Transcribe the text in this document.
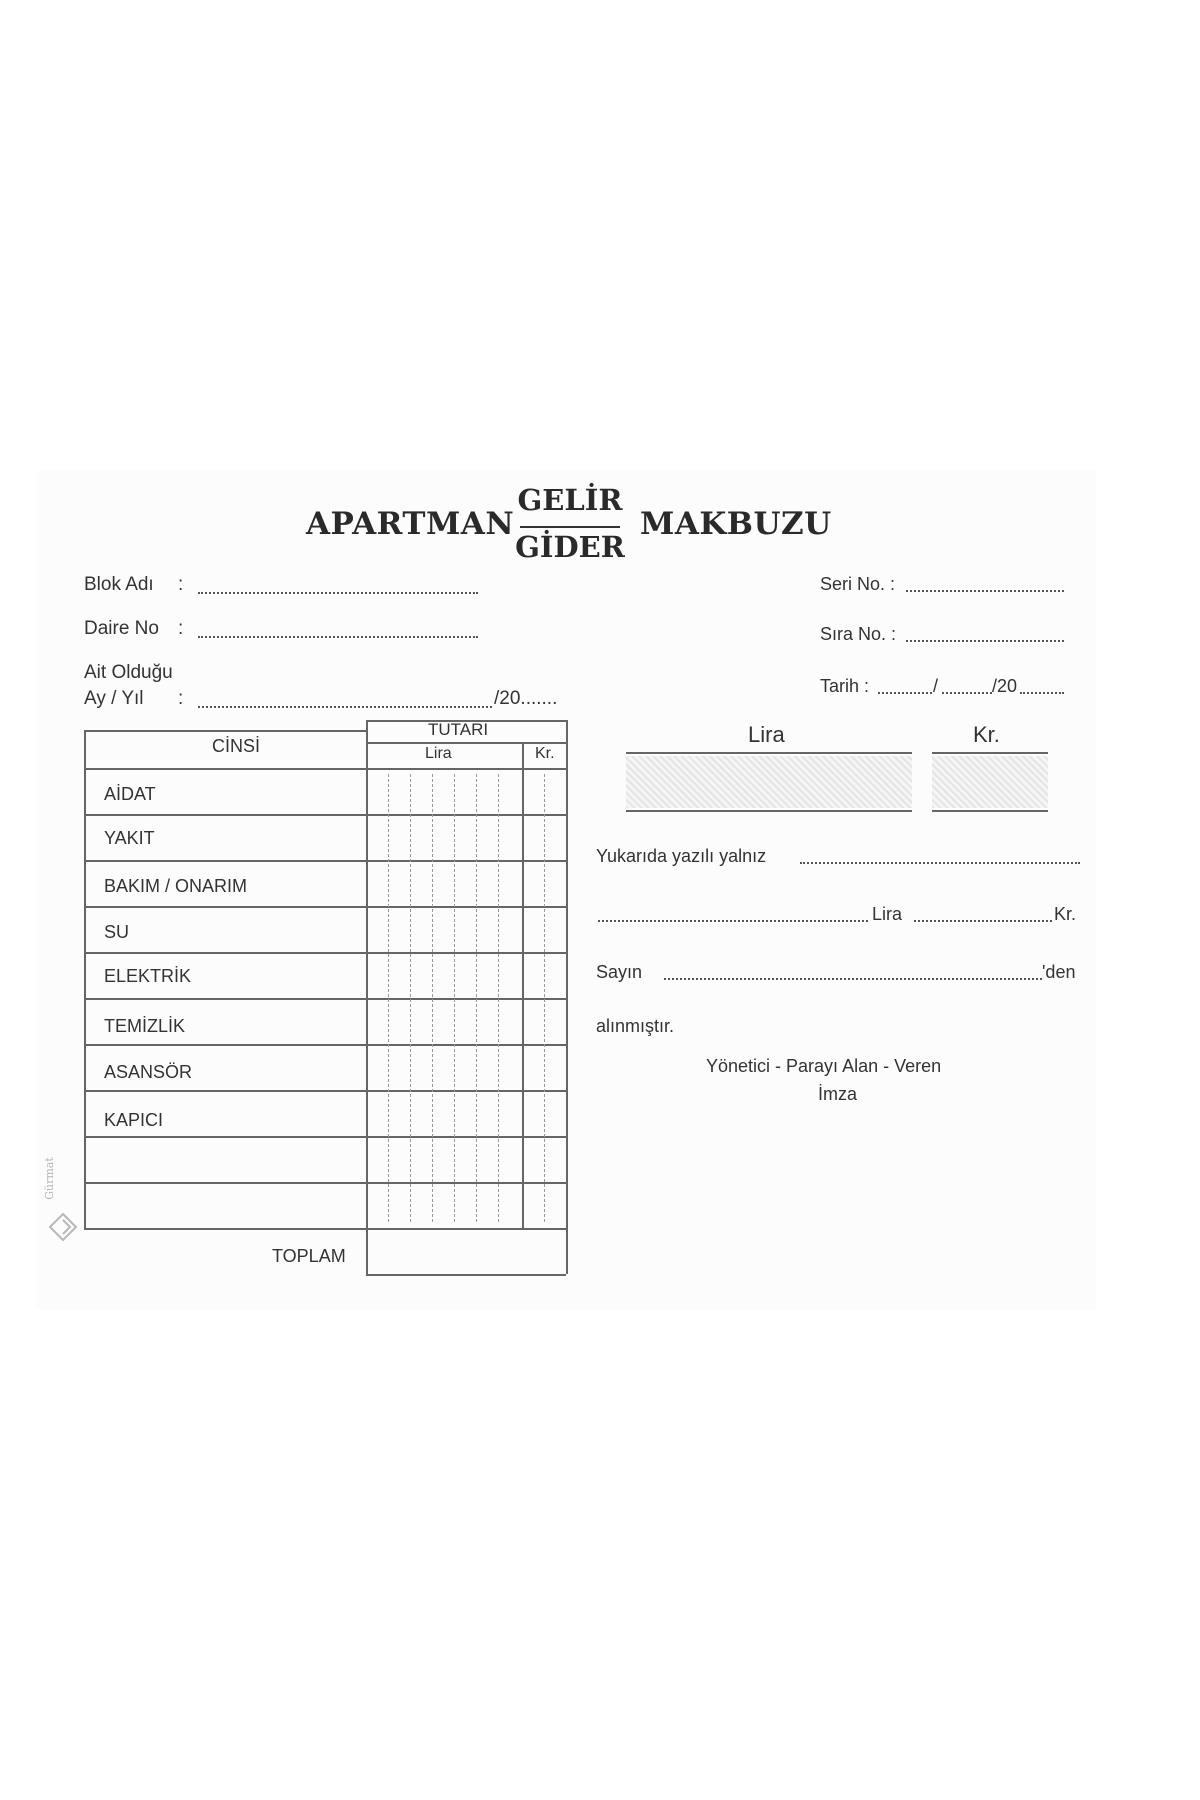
APARTMAN
GELİR
GİDER
MAKBUZU
Blok Adı :
Daire No :
Ait Olduğu
Ay / Yıl :	/20.......
Seri No. :
Sıra No. :
Tarih :	/	/20
CİNSİ
TUTARI
Lira	Kr.
AİDAT
YAKIT
BAKIM / ONARIM
SU
ELEKTRİK
TEMİZLİK
ASANSÖR
KAPICI
TOPLAM
Lira	Kr.
Yukarıda yazılı yalnız
Lira	Kr.
Sayın	'den
alınmıştır.
Yönetici - Parayı Alan - Veren
İmza
Gürmat
